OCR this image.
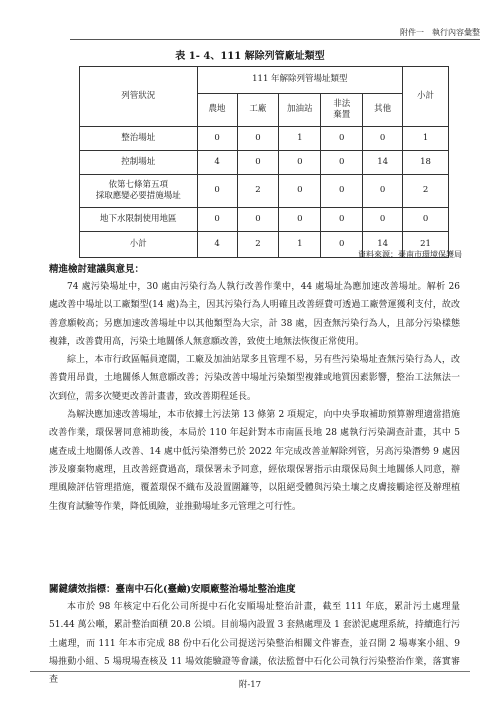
附件一　執行內容彙整
表 1- 4、111 解除列管廠址類型
列管狀況	111 年解除列管場址類型					小計
	農地	工廠	加油站	非法棄置	其他	
整治場址	0	0	1	0	0	1
控制場址	4	0	0	0	14	18
依第七條第五項
採取應變必要措施場址	0	2	0	0	0	2
地下水限制使用地區	0	0	0	0	0	0
小計	4	2	1	0	14	21
資料來源：臺南市環境保護局

精進檢討建議與意見：

74 處污染場址中，30 處由污染行為人執行改善作業中，44 處場址為應加速改善場址。解析 26 處改善中場址以工廠類型(14 處)為主，因其污染行為人明確且改善經費可透過工廠營運獲利支付，故改善意願較高；另應加速改善場址中以其他類型為大宗，計 38 處，因查無污染行為人，且部分污染樣態複雜，改善費用高，污染土地關係人無意願改善，致使土地無法恢復正常使用。

綜上，本市行政區幅員遼闊，工廠及加油站眾多且管理不易，另有些污染場址查無污染行為人，改善費用昂貴，土地關係人無意願改善；污染改善中場址污染類型複雜或地質因素影響，整治工法無法一次到位，需多次變更改善計畫書，致改善期程延長。

為解決應加速改善場址，本市依據土污法第 13 條第 2 項規定，向中央爭取補助預算辦理適當措施改善作業，環保署同意補助後，本局於 110 年起針對本市南區長地 28 處執行污染調查計畫，其中 5 處查成土地關係人改善、14 處中低污染潛勢已於 2022 年完成改善並解除列管，另高污染潛勢 9 處因涉及廢棄物處理，且改善經費過高，環保署未予同意，經依環保署指示由環保局與土地關係人同意，辦理風險評估管理措施，覆蓋環保不織布及設置圍籬等，以阻絕受體與污染土壤之皮膚接觸途徑及辦理植生復育試驗等作業，降低風險，並推動場址多元管理之可行性。

關鍵績效指標：臺南中石化(臺鹼)安順廠整治場址整治進度

本市於 98 年核定中石化公司所提中石化安順場址整治計畫，截至 111 年底，累計污土處理量 51.44 萬公噸，累計整治面積 20.8 公頃。目前場內設置 3 套熱處理及 1 套淤泥處理系統，持續進行污土處理，而 111 年本市完成 88 份中石化公司提送污染整治相關文件審查，並召開 2 場專案小組、9 場推動小組、5 場現場查核及 11 場效能驗證等會議，依法監督中石化公司執行污染整治作業，落實審查	附-17
